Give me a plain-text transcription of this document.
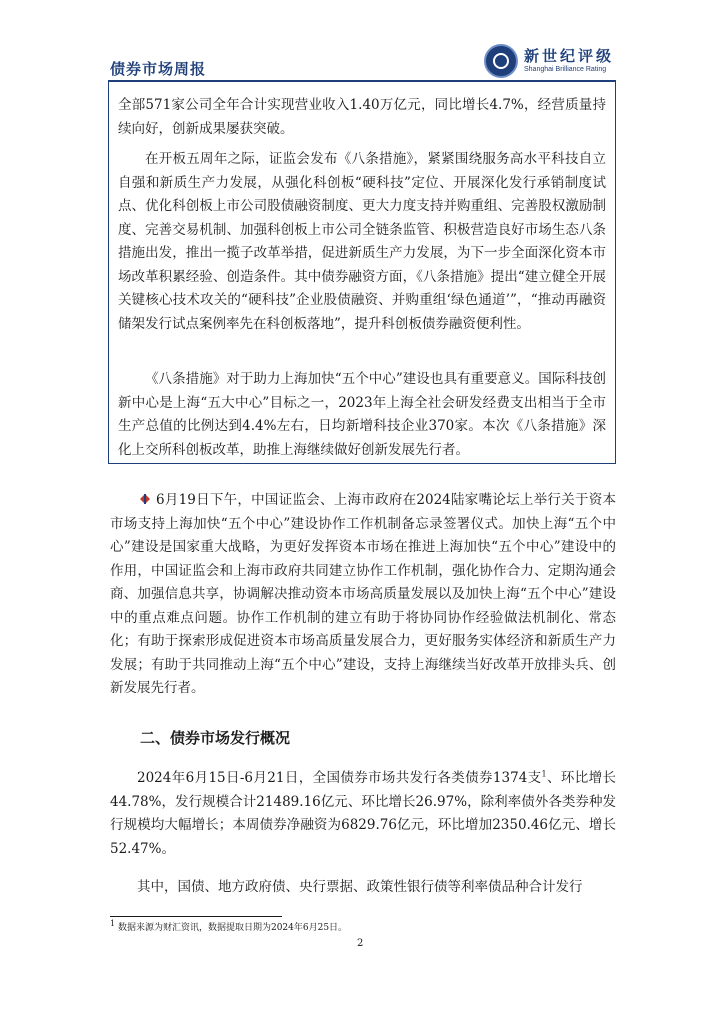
债券市场周报
新世纪评级
Shanghai Brilliance Rating

全部571家公司全年合计实现营业收入1.40万亿元，同比增长4.7%，经营质量持续向好，创新成果屡获突破。

在开板五周年之际，证监会发布《八条措施》，紧紧围绕服务高水平科技自立自强和新质生产力发展，从强化科创板“硬科技”定位、开展深化发行承销制度试点、优化科创板上市公司股债融资制度、更大力度支持并购重组、完善股权激励制度、完善交易机制、加强科创板上市公司全链条监管、积极营造良好市场生态八条措施出发，推出一揽子改革举措，促进新质生产力发展，为下一步全面深化资本市场改革积累经验、创造条件。其中债券融资方面，《八条措施》提出“建立健全开展关键核心技术攻关的“硬科技”企业股债融资、并购重组‘绿色通道’”，“推动再融资储架发行试点案例率先在科创板落地”，提升科创板债券融资便利性。

《八条措施》对于助力上海加快“五个中心”建设也具有重要意义。国际科技创新中心是上海“五大中心”目标之一，2023年上海全社会研发经费支出相当于全市生产总值的比例达到4.4%左右，日均新增科技企业370家。本次《八条措施》深化上交所科创板改革，助推上海继续做好创新发展先行者。

6月19日下午，中国证监会、上海市政府在2024陆家嘴论坛上举行关于资本市场支持上海加快“五个中心”建设协作工作机制备忘录签署仪式。加快上海“五个中心”建设是国家重大战略，为更好发挥资本市场在推进上海加快“五个中心”建设中的作用，中国证监会和上海市政府共同建立协作工作机制，强化协作合力、定期沟通会商、加强信息共享，协调解决推动资本市场高质量发展以及加快上海“五个中心”建设中的重点难点问题。协作工作机制的建立有助于将协同协作经验做法机制化、常态化；有助于探索形成促进资本市场高质量发展合力，更好服务实体经济和新质生产力发展；有助于共同推动上海“五个中心”建设，支持上海继续当好改革开放排头兵、创新发展先行者。

二、债券市场发行概况

2024年6月15日-6月21日，全国债券市场共发行各类债券1374支$^1$、环比增长44.78%，发行规模合计21489.16亿元、环比增长26.97%，除利率债外各类券种发行规模均大幅增长；本周债券净融资为6829.76亿元，环比增加2350.46亿元、增长52.47%。

其中，国债、地方政府债、央行票据、政策性银行债等利率债品种合计发行

$^1$ 数据来源为财汇资讯，数据提取日期为2024年6月25日。
2
